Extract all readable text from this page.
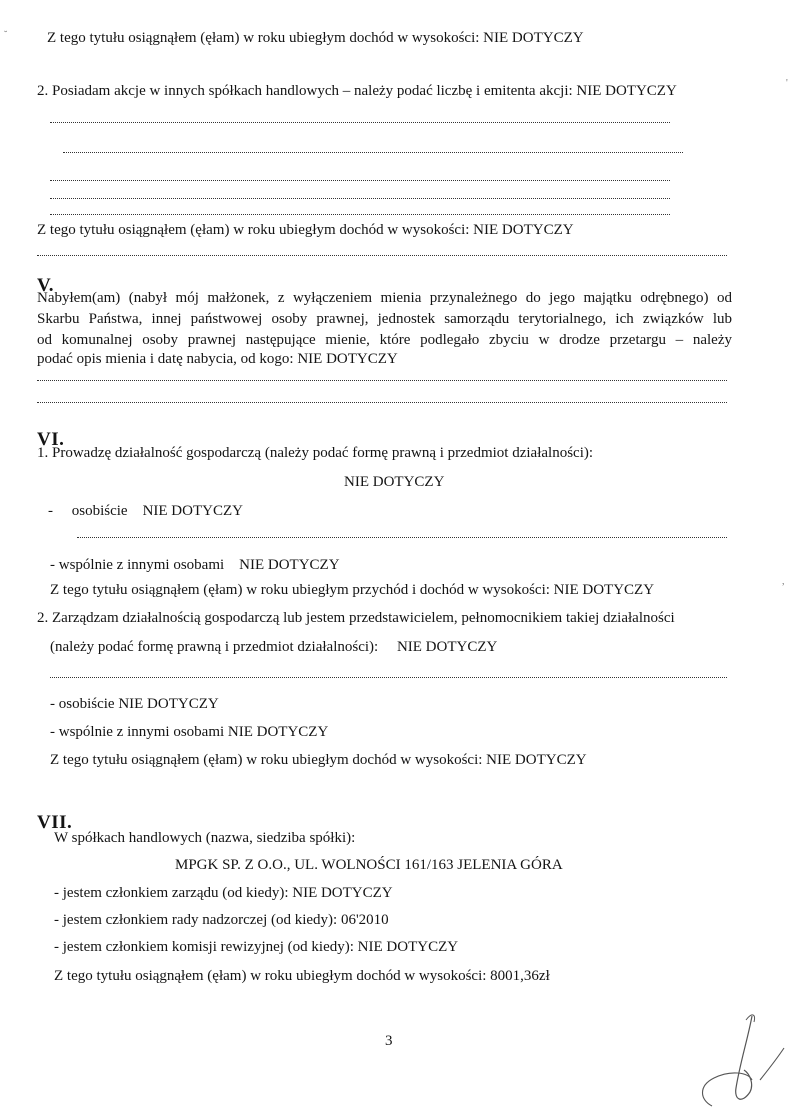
˘
'
,
Z tego tytułu osiągnąłem (ęłam) w roku ubiegłym dochód w wysokości: NIE DOTYCZY
2. Posiadam akcje w innych spółkach handlowych – należy podać liczbę i emitenta akcji: NIE DOTYCZY
Z tego tytułu osiągnąłem (ęłam) w roku ubiegłym dochód w wysokości: NIE DOTYCZY
V.
Nabyłem(am) (nabył mój małżonek, z wyłączeniem mienia przynależnego do jego majątku odrębnego) od
Skarbu Państwa, innej państwowej osoby prawnej, jednostek samorządu terytorialnego, ich związków lub
od komunalnej osoby prawnej następujące mienie, które podlegało zbyciu w drodze przetargu – należy
podać opis mienia i datę nabycia, od kogo: NIE DOTYCZY
VI.
1. Prowadzę działalność gospodarczą (należy podać formę prawną i przedmiot działalności):
NIE DOTYCZY
-     osobiście    NIE DOTYCZY
- wspólnie z innymi osobami    NIE DOTYCZY
Z tego tytułu osiągnąłem (ęłam) w roku ubiegłym przychód i dochód w wysokości: NIE DOTYCZY
2. Zarządzam działalnością gospodarczą lub jestem przedstawicielem, pełnomocnikiem takiej działalności
(należy podać formę prawną i przedmiot działalności):     NIE DOTYCZY
- osobiście NIE DOTYCZY
- wspólnie z innymi osobami NIE DOTYCZY
Z tego tytułu osiągnąłem (ęłam) w roku ubiegłym dochód w wysokości: NIE DOTYCZY
VII.
W spółkach handlowych (nazwa, siedziba spółki):
MPGK SP. Z O.O., UL. WOLNOŚCI 161/163 JELENIA GÓRA
- jestem członkiem zarządu (od kiedy): NIE DOTYCZY
- jestem członkiem rady nadzorczej (od kiedy): 06'2010
- jestem członkiem komisji rewizyjnej (od kiedy): NIE DOTYCZY
Z tego tytułu osiągnąłem (ęłam) w roku ubiegłym dochód w wysokości: 8001,36zł
3
